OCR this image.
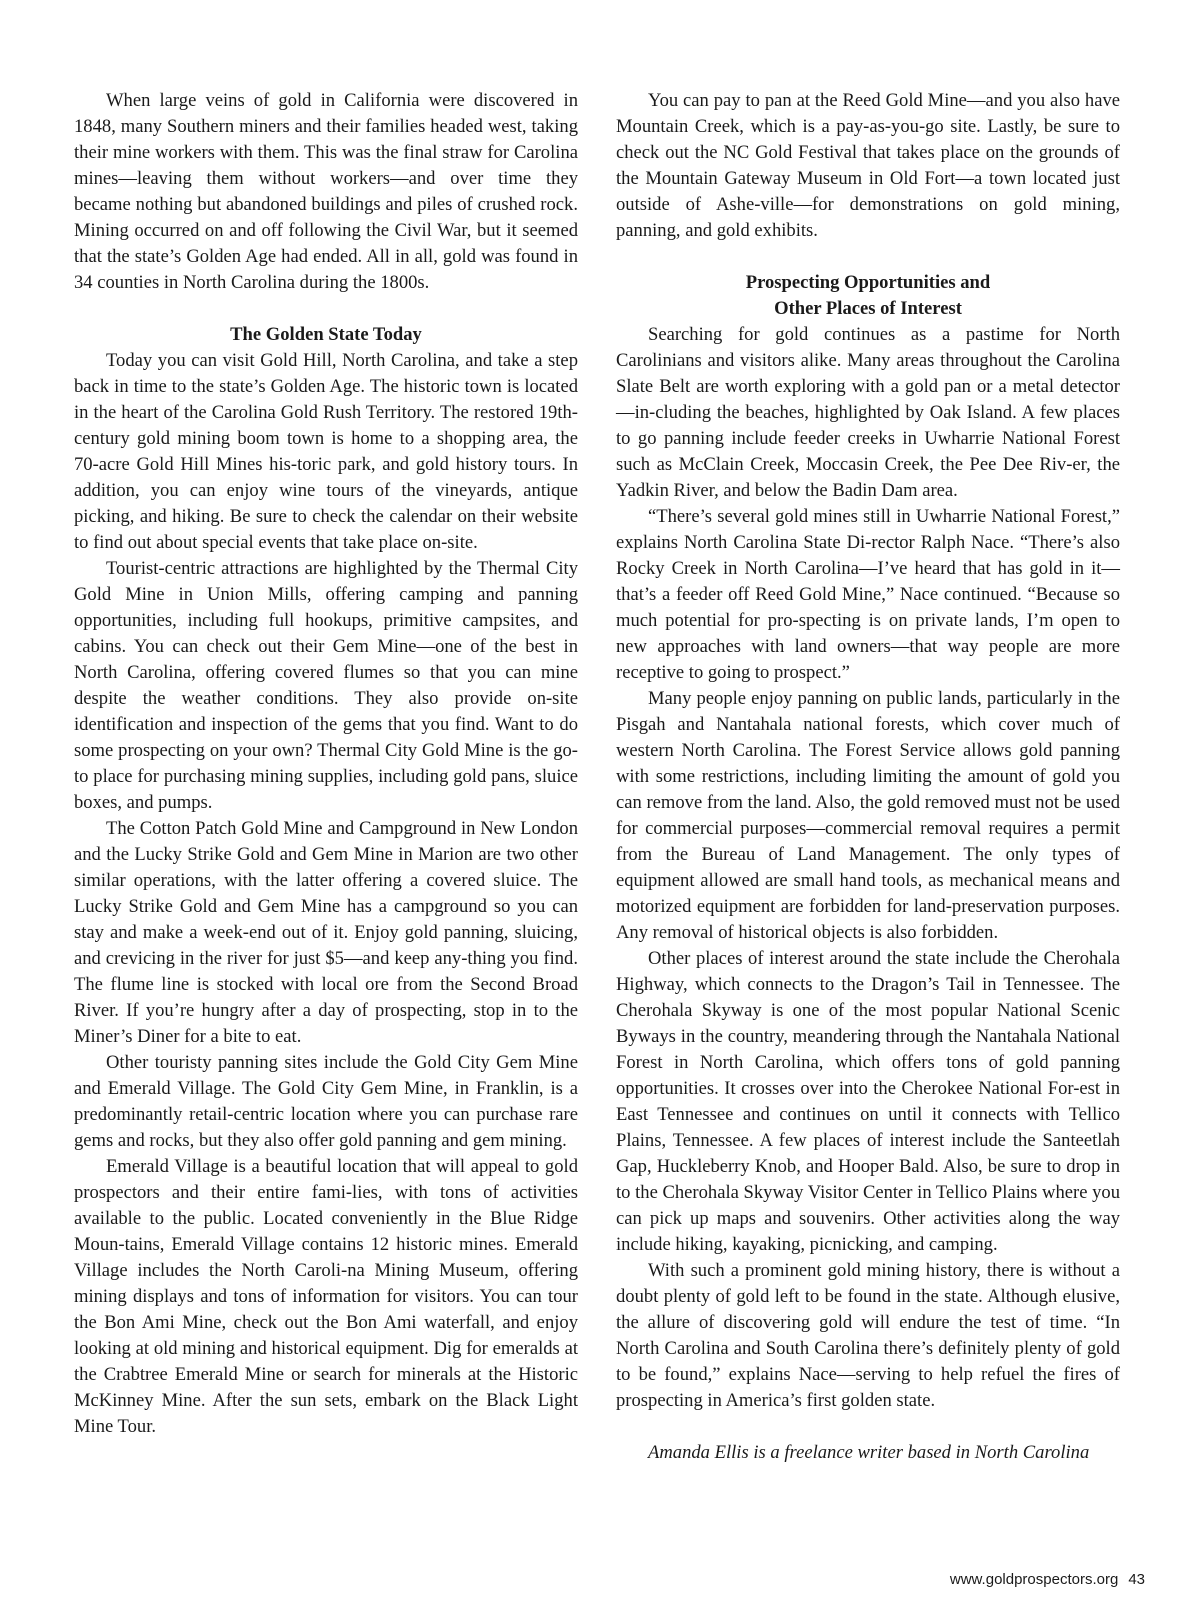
When large veins of gold in California were discovered in 1848, many Southern miners and their families headed west, taking their mine workers with them. This was the final straw for Carolina mines—leaving them without workers—and over time they became nothing but abandoned buildings and piles of crushed rock. Mining occurred on and off following the Civil War, but it seemed that the state’s Golden Age had ended. All in all, gold was found in 34 counties in North Carolina during the 1800s.

The Golden State Today

Today you can visit Gold Hill, North Carolina, and take a step back in time to the state’s Golden Age. The historic town is located in the heart of the Carolina Gold Rush Territory. The restored 19th-century gold mining boom town is home to a shopping area, the 70-acre Gold Hill Mines his-toric park, and gold history tours. In addition, you can enjoy wine tours of the vineyards, antique picking, and hiking. Be sure to check the calendar on their website to find out about special events that take place on-site.

Tourist-centric attractions are highlighted by the Thermal City Gold Mine in Union Mills, offering camping and panning opportunities, including full hookups, primitive campsites, and cabins. You can check out their Gem Mine—one of the best in North Carolina, offering covered flumes so that you can mine despite the weather conditions. They also provide on-site identification and inspection of the gems that you find. Want to do some prospecting on your own? Thermal City Gold Mine is the go-to place for purchasing mining supplies, including gold pans, sluice boxes, and pumps.

The Cotton Patch Gold Mine and Campground in New London and the Lucky Strike Gold and Gem Mine in Marion are two other similar operations, with the latter offering a covered sluice. The Lucky Strike Gold and Gem Mine has a campground so you can stay and make a week-end out of it. Enjoy gold panning, sluicing, and crevicing in the river for just $5—and keep any-thing you find. The flume line is stocked with local ore from the Second Broad River. If you’re hungry after a day of prospecting, stop in to the Miner’s Diner for a bite to eat.

Other touristy panning sites include the Gold City Gem Mine and Emerald Village. The Gold City Gem Mine, in Franklin, is a predominantly retail-centric location where you can purchase rare gems and rocks, but they also offer gold panning and gem mining.

Emerald Village is a beautiful location that will appeal to gold prospectors and their entire fami-lies, with tons of activities available to the public. Located conveniently in the Blue Ridge Moun-tains, Emerald Village contains 12 historic mines. Emerald Village includes the North Caroli-na Mining Museum, offering mining displays and tons of information for visitors. You can tour the Bon Ami Mine, check out the Bon Ami waterfall, and enjoy looking at old mining and historical equipment. Dig for emeralds at the Crabtree Emerald Mine or search for minerals at the Historic McKinney Mine. After the sun sets, embark on the Black Light Mine Tour.

You can pay to pan at the Reed Gold Mine—and you also have Mountain Creek, which is a pay-as-you-go site. Lastly, be sure to check out the NC Gold Festival that takes place on the grounds of the Mountain Gateway Museum in Old Fort—a town located just outside of Ashe-ville—for demonstrations on gold mining, panning, and gold exhibits.

Prospecting Opportunities and
Other Places of Interest

Searching for gold continues as a pastime for North Carolinians and visitors alike. Many areas throughout the Carolina Slate Belt are worth exploring with a gold pan or a metal detector—in-cluding the beaches, highlighted by Oak Island. A few places to go panning include feeder creeks in Uwharrie National Forest such as McClain Creek, Moccasin Creek, the Pee Dee Riv-er, the Yadkin River, and below the Badin Dam area.

“There’s several gold mines still in Uwharrie National Forest,” explains North Carolina State Di-rector Ralph Nace. “There’s also Rocky Creek in North Carolina—I’ve heard that has gold in it—that’s a feeder off Reed Gold Mine,” Nace continued. “Because so much potential for pro-specting is on private lands, I’m open to new approaches with land owners—that way people are more receptive to going to prospect.”

Many people enjoy panning on public lands, particularly in the Pisgah and Nantahala national forests, which cover much of western North Carolina. The Forest Service allows gold panning with some restrictions, including limiting the amount of gold you can remove from the land. Also, the gold removed must not be used for commercial purposes—commercial removal requires a permit from the Bureau of Land Management. The only types of equipment allowed are small hand tools, as mechanical means and motorized equipment are forbidden for land-preservation purposes. Any removal of historical objects is also forbidden.

Other places of interest around the state include the Cherohala Highway, which connects to the Dragon’s Tail in Tennessee. The Cherohala Skyway is one of the most popular National Scenic Byways in the country, meandering through the Nantahala National Forest in North Carolina, which offers tons of gold panning opportunities. It crosses over into the Cherokee National For-est in East Tennessee and continues on until it connects with Tellico Plains, Tennessee. A few places of interest include the Santeetlah Gap, Huckleberry Knob, and Hooper Bald. Also, be sure to drop in to the Cherohala Skyway Visitor Center in Tellico Plains where you can pick up maps and souvenirs. Other activities along the way include hiking, kayaking, picnicking, and camping.

With such a prominent gold mining history, there is without a doubt plenty of gold left to be found in the state. Although elusive, the allure of discovering gold will endure the test of time. “In North Carolina and South Carolina there’s definitely plenty of gold to be found,” explains Nace—serving to help refuel the fires of prospecting in America’s first golden state.

Amanda Ellis is a freelance writer based in North Carolina

www.goldprospectors.org 43
